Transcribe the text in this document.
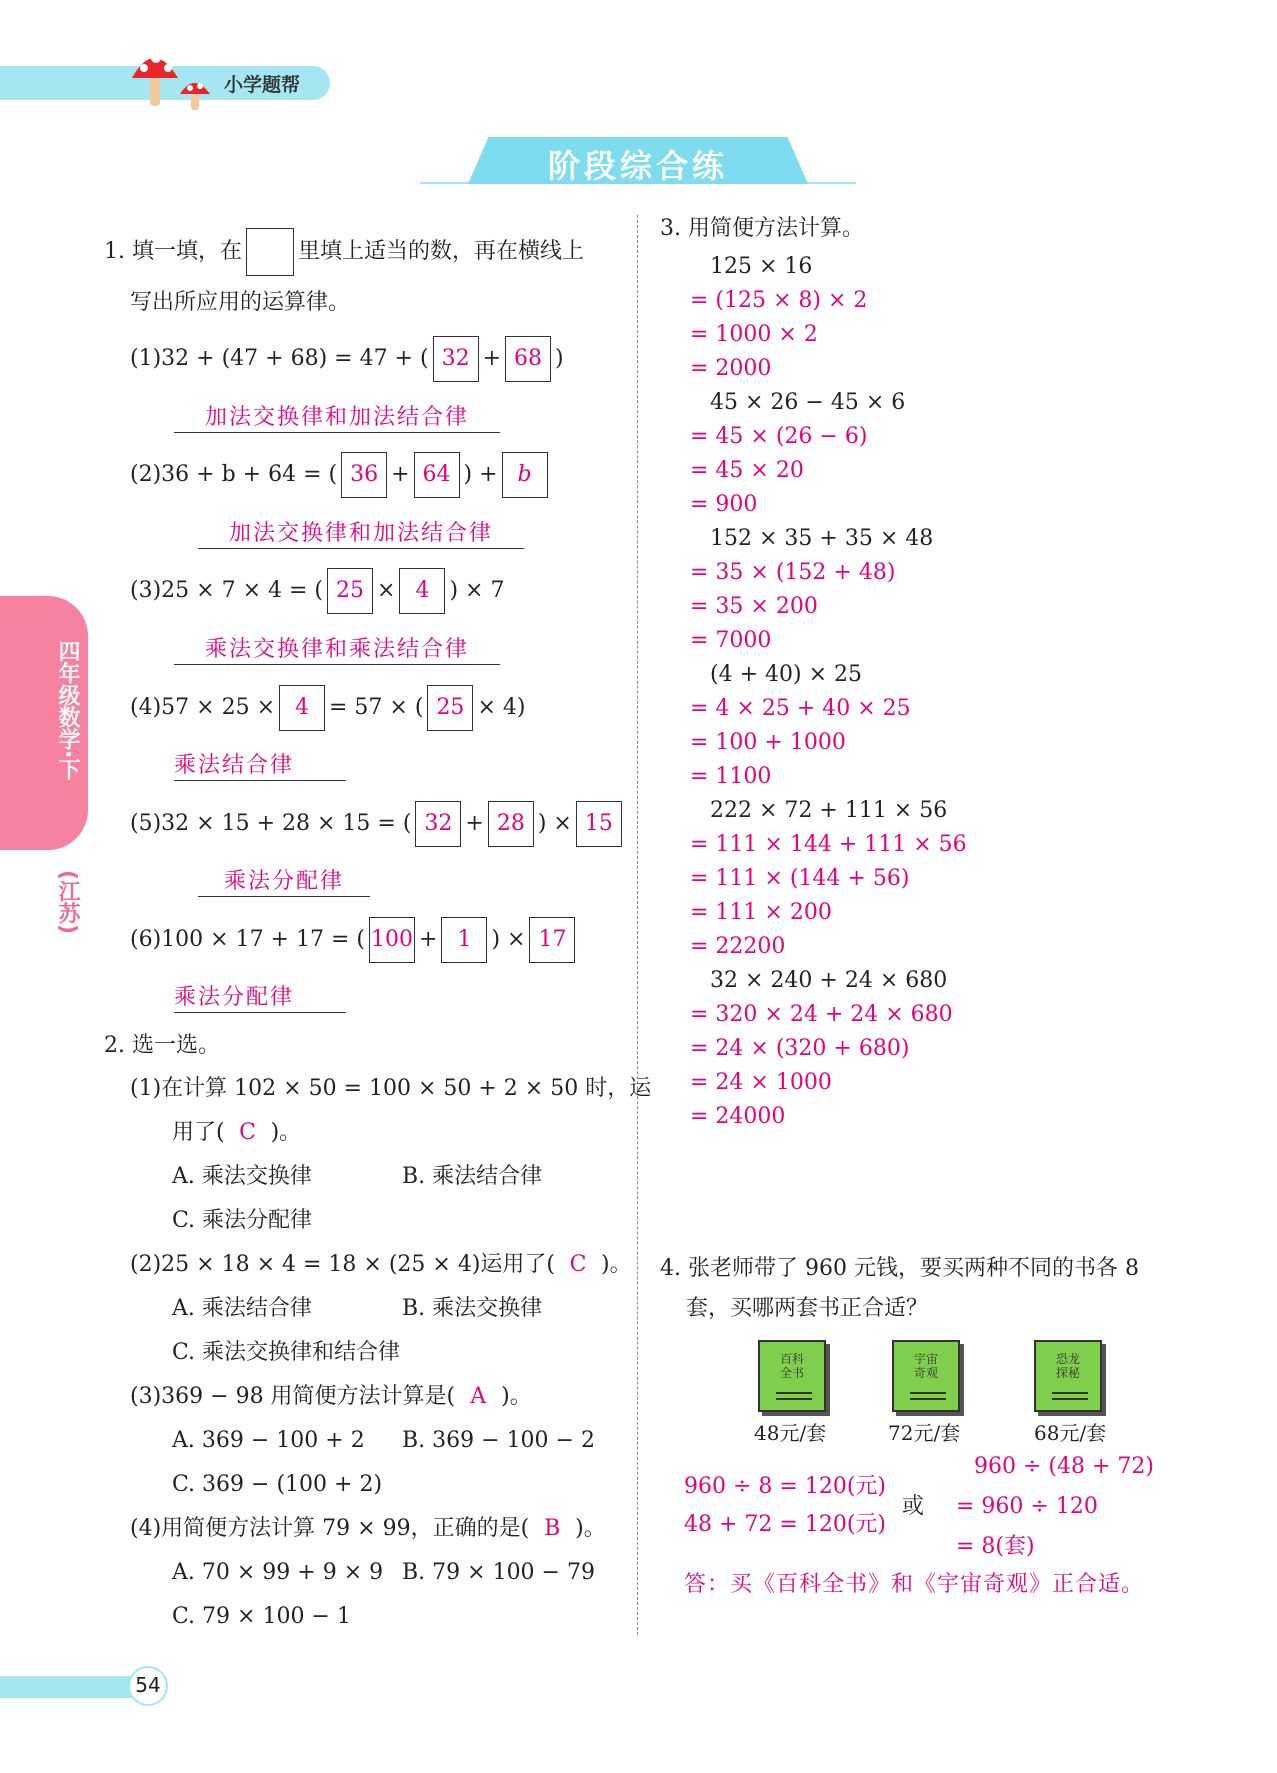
小学题帮
阶段综合练
四年级数学·下
(江苏)
1. 填一填，在	里填上适当的数，再在横线上
写出所应用的运算律。
(1)32 + (47 + 68) = 47 + ( 32 + 68 )
加法交换律和加法结合律
(2)36 + b + 64 = ( 36 + 64 ) + b
加法交换律和加法结合律
(3)25 × 7 × 4 = ( 25 × 4 ) × 7
乘法交换律和乘法结合律
(4)57 × 25 × 4 = 57 × ( 25 × 4)
乘法结合律
(5)32 × 15 + 28 × 15 = ( 32 + 28 ) × 15
乘法分配律
(6)100 × 17 + 17 = ( 100 + 1 ) × 17
乘法分配律
2. 选一选。
(1)在计算 102 × 50 = 100 × 50 + 2 × 50 时，运
用了( C )。
A. 乘法交换律	B. 乘法结合律
C. 乘法分配律
(2)25 × 18 × 4 = 18 × (25 × 4)运用了( C )。
A. 乘法结合律	B. 乘法交换律
C. 乘法交换律和结合律
(3)369 − 98 用简便方法计算是( A )。
A. 369 − 100 + 2 B. 369 − 100 − 2
C. 369 − (100 + 2)
(4)用简便方法计算 79 × 99，正确的是( B )。
A. 70 × 99 + 9 × 9 B. 79 × 100 − 79
C. 79 × 100 − 1
3. 用简便方法计算。
125 × 16
= (125 × 8) × 2
= 1000 × 2
= 2000
45 × 26 − 45 × 6
= 45 × (26 − 6)
= 45 × 20
= 900
152 × 35 + 35 × 48
= 35 × (152 + 48)
= 35 × 200
= 7000
(4 + 40) × 25
= 4 × 25 + 40 × 25
= 100 + 1000
= 1100
222 × 72 + 111 × 56
= 111 × 144 + 111 × 56
= 111 × (144 + 56)
= 111 × 200
= 22200
32 × 240 + 24 × 680
= 320 × 24 + 24 × 680
= 24 × (320 + 680)
= 24 × 1000
= 24000
4. 张老师带了 960 元钱，要买两种不同的书各 8
套，买哪两套书正合适？
百科全书
48元/套
宇宙奇观
72元/套
恐龙探秘
68元/套
960 ÷ 8 = 120(元)
48 + 72 = 120(元)
或
960 ÷ (48 + 72)
= 960 ÷ 120
= 8(套)
答：买《百科全书》和《宇宙奇观》正合适。
54
